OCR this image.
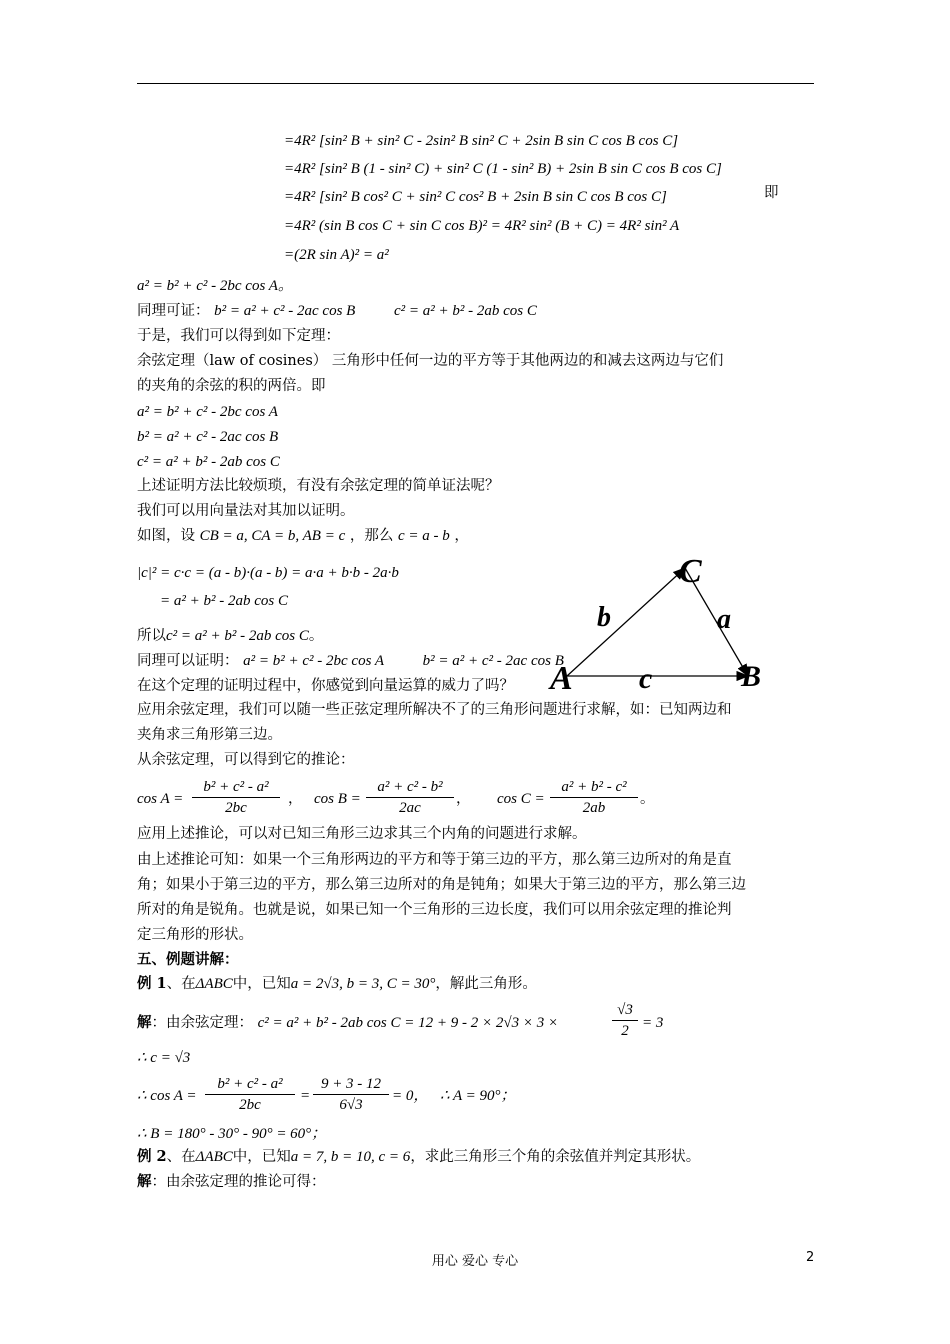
=4R² [sin² B + sin² C - 2sin² B sin² C + 2sin B sin C cos B cos C]
=4R² [sin² B (1 - sin² C) + sin² C (1 - sin² B) + 2sin B sin C cos B cos C]
=4R² [sin² B cos² C + sin² C cos² B + 2sin B sin C cos B cos C]	即
=4R² (sin B cos C + sin C cos B)² = 4R² sin² (B + C) = 4R² sin² A
=(2R sin A)² = a²
a² = b² + c² - 2bc cos A。
同理可证： b² = a² + c² - 2ac cos B	c² = a² + b² - 2ab cos C
于是，我们可以得到如下定理：
余弦定理（law of cosines） 三角形中任何一边的平方等于其他两边的和减去这两边与它们
的夹角的余弦的积的两倍。即
a² = b² + c² - 2bc cos A
b² = a² + c² - 2ac cos B
c² = a² + b² - 2ab cos C
上述证明方法比较烦琐，有没有余弦定理的简单证法呢？
我们可以用向量法对其加以证明。
如图，设 CB = a, CA = b, AB = c ，那么 c = a - b ，
|c|² = c·c = (a - b)·(a - b) = a·a + b·b - 2a·b
= a² + b² - 2ab cos C
所以c² = a² + b² - 2ab cos C。
同理可以证明： a² = b² + c² - 2bc cos A	b² = a² + c² - 2ac cos B
在这个定理的证明过程中，你感觉到向量运算的威力了吗？
应用余弦定理，我们可以随一些正弦定理所解决不了的三角形问题进行求解，如：已知两边和
夹角求三角形第三边。
从余弦定理，可以得到它的推论：
$\cos A = \frac{\text{b² + c² - a²}}{2bc}$ ， $\cos B = \frac{\text{a² + c² - b²}}{2ac}$ ， $\cos C = \frac{\text{a² + b² - c²}}{2ab}$ 。
应用上述推论，可以对已知三角形三边求其三个内角的问题进行求解。
由上述推论可知：如果一个三角形两边的平方和等于第三边的平方，那么第三边所对的角是直
角；如果小于第三边的平方，那么第三边所对的角是钝角；如果大于第三边的平方，那么第三边
所对的角是锐角。也就是说，如果已知一个三角形的三边长度，我们可以用余弦定理的推论判
定三角形的形状。
五、例题讲解：
例 1、在ΔABC中，已知a = 2√3, b = 3, C = 30°，解此三角形。
解：由余弦定理： c² = a² + b² - 2ab cos C = 12 + 9 - 2 × 2√3 × 3 ×	$\frac{√3}{2} = 3$
∴ c = √3
∴ $\cos A = \frac{\text{b² + c² - a²}}{2bc} = \frac{9 + 3 - 12}{6√3} = 0$， ∴ A = 90°；
∴ B = 180° - 30° - 90° = 60°；
例 2、在ΔABC中，已知a = 7, b = 10, c = 6，求此三角形三个角的余弦值并判定其形状。
解：由余弦定理的推论可得：
C
A	B
b	a
c
用心 爱心 专心	2
